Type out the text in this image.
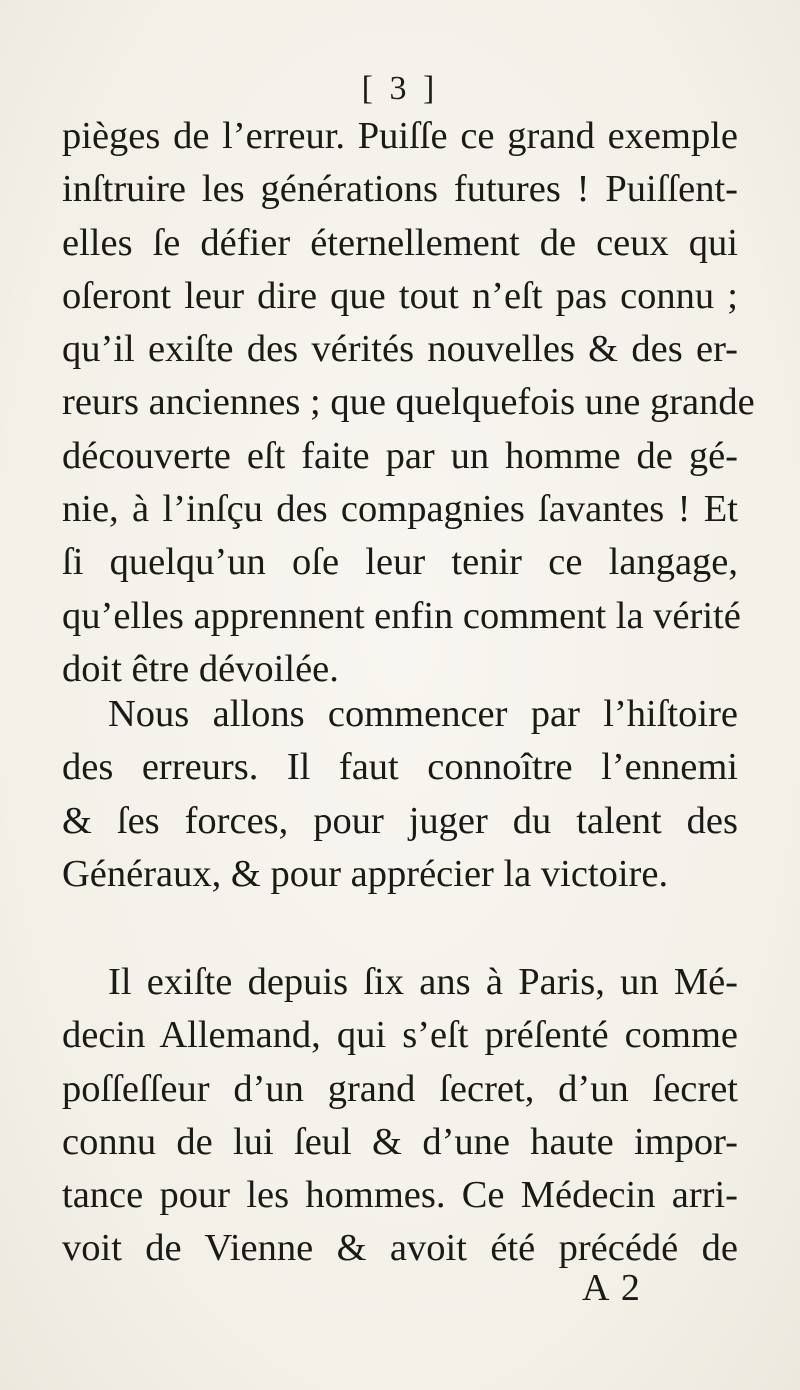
[ 3 ]
pièges de l’erreur. Puiſſe ce grand exemple
inſtruire les générations futures ! Puiſſent-
elles ſe défier éternellement de ceux qui
oſeront leur dire que tout n’eſt pas connu ;
qu’il exiſte des vérités nouvelles & des er-
reurs anciennes ; que quelquefois une grande
découverte eſt faite par un homme de gé-
nie, à l’inſçu des compagnies ſavantes ! Et
ſi quelqu’un oſe leur tenir ce langage,
qu’elles apprennent enfin comment la vérité
doit être dévoilée.
Nous allons commencer par l’hiſtoire
des erreurs. Il faut connoître l’ennemi
& ſes forces, pour juger du talent des
Généraux, & pour apprécier la victoire.
Il exiſte depuis ſix ans à Paris, un Mé-
decin Allemand, qui s’eſt préſenté comme
poſſeſſeur d’un grand ſecret, d’un ſecret
connu de lui ſeul & d’une haute impor-
tance pour les hommes. Ce Médecin arri-
voit de Vienne & avoit été précédé de
A 2
